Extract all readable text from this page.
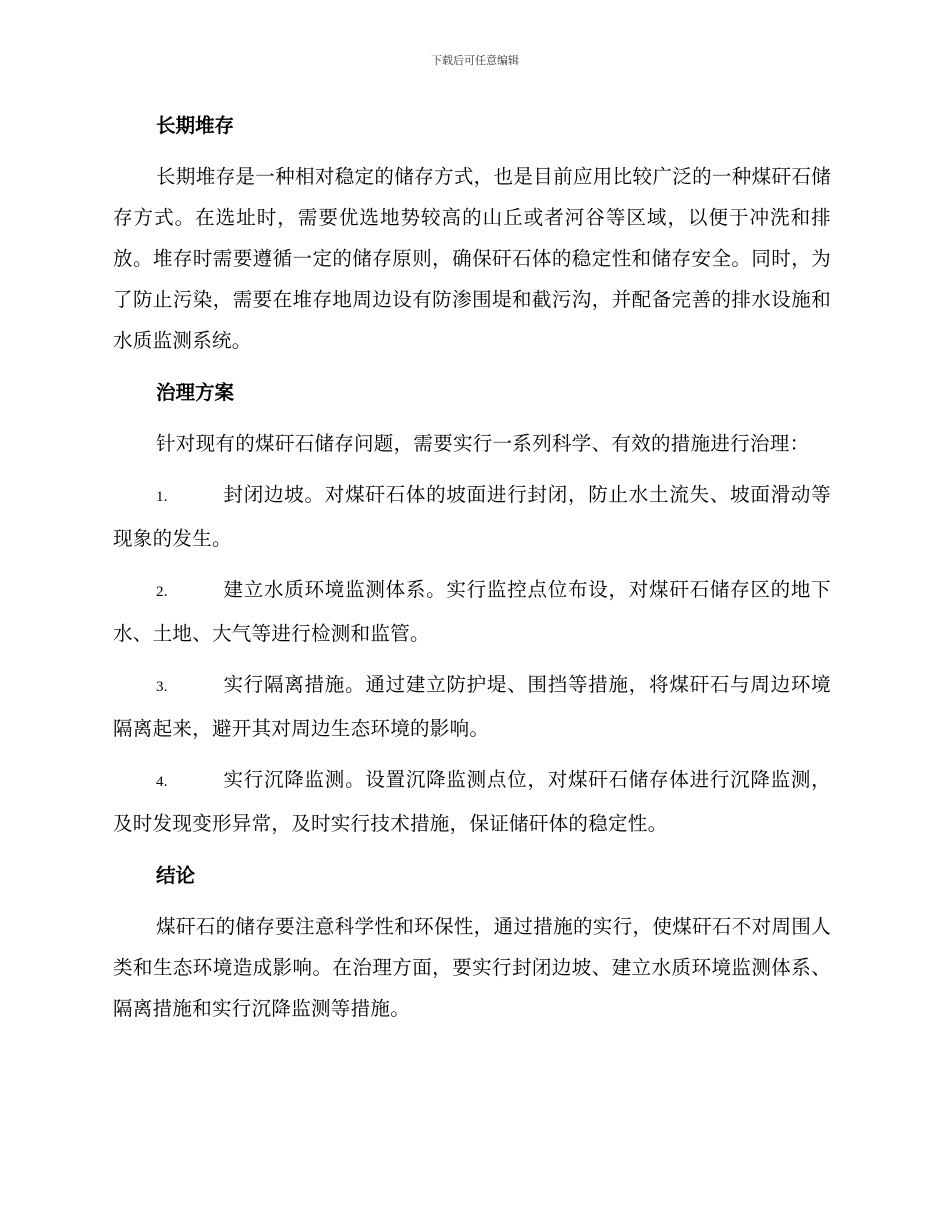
下载后可任意编辑
长期堆存

长期堆存是一种相对稳定的储存方式，也是目前应用比较广泛的一种煤矸石储存方式。在选址时，需要优选地势较高的山丘或者河谷等区域，以便于冲洗和排放。堆存时需要遵循一定的储存原则，确保矸石体的稳定性和储存安全。同时，为了防止污染，需要在堆存地周边设有防渗围堤和截污沟，并配备完善的排水设施和水质监测系统。

治理方案

针对现有的煤矸石储存问题，需要实行一系列科学、有效的措施进行治理：

1.	封闭边坡。对煤矸石体的坡面进行封闭，防止水土流失、坡面滑动等现象的发生。

2.	建立水质环境监测体系。实行监控点位布设，对煤矸石储存区的地下水、土地、大气等进行检测和监管。

3.	实行隔离措施。通过建立防护堤、围挡等措施，将煤矸石与周边环境隔离起来，避开其对周边生态环境的影响。

4.	实行沉降监测。设置沉降监测点位，对煤矸石储存体进行沉降监测，及时发现变形异常，及时实行技术措施，保证储矸体的稳定性。

结论

煤矸石的储存要注意科学性和环保性，通过措施的实行，使煤矸石不对周围人类和生态环境造成影响。在治理方面，要实行封闭边坡、建立水质环境监测体系、隔离措施和实行沉降监测等措施。
